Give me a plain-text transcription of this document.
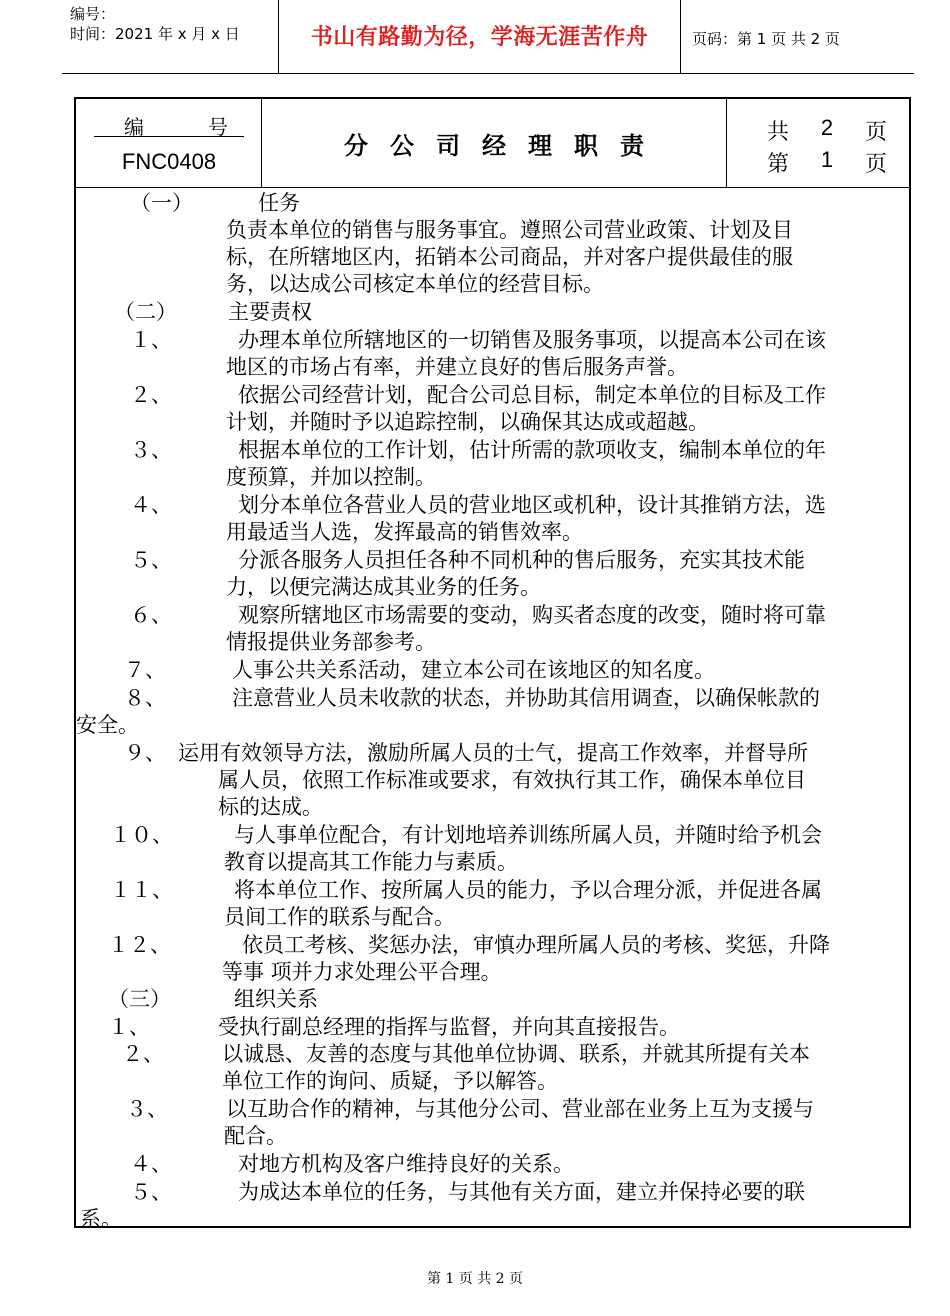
编号：
时间：2021 年 x 月 x 日	书山有路勤为径，学海无涯苦作舟	页码：第 1 页 共 2 页
编	号
FNC0408
分公司经理职责	共 2 页
第 1 页
（一）	任务
负责本单位的销售与服务事宜。遵照公司营业政策、计划及目
标，在所辖地区内，拓销本公司商品，并对客户提供最佳的服
务，以达成公司核定本单位的经营目标。
（二） 主要责权
１、	办理本单位所辖地区的一切销售及服务事项，以提高本公司在该
地区的市场占有率，并建立良好的售后服务声誉。
２、	依据公司经营计划，配合公司总目标，制定本单位的目标及工作
计划，并随时予以追踪控制，以确保其达成或超越。
３、	根据本单位的工作计划，估计所需的款项收支，编制本单位的年
度预算，并加以控制。
４、	划分本单位各营业人员的营业地区或机种，设计其推销方法，选
用最适当人选，发挥最高的销售效率。
５、	分派各服务人员担任各种不同机种的售后服务，充实其技术能
力，以便完满达成其业务的任务。
６、	观察所辖地区市场需要的变动，购买者态度的改变，随时将可靠
情报提供业务部参考。
７、	人事公共关系活动，建立本公司在该地区的知名度。
８、	注意营业人员未收款的状态，并协助其信用调查，以确保帐款的
安全。
９、 运用有效领导方法，激励所属人员的士气，提高工作效率，并督导所
属人员，依照工作标准或要求，有效执行其工作，确保本单位目
标的达成。
１０、	与人事单位配合，有计划地培养训练所属人员，并随时给予机会
教育以提高其工作能力与素质。
１１、	将本单位工作、按所属人员的能力，予以合理分派，并促进各属
员间工作的联系与配合。
１２、	依员工考核、奖惩办法，审慎办理所属人员的考核、奖惩，升降
等事 项并力求处理公平合理。
（三）	组织关系
１、	受执行副总经理的指挥与监督，并向其直接报告。
２、	以诚恳、友善的态度与其他单位协调、联系，并就其所提有关本
单位工作的询问、质疑，予以解答。
３、	以互助合作的精神，与其他分公司、营业部在业务上互为支援与
配合。
４、	对地方机构及客户维持良好的关系。
５、	为成达本单位的任务，与其他有关方面，建立并保持必要的联
系。
第 1 页 共 2 页
